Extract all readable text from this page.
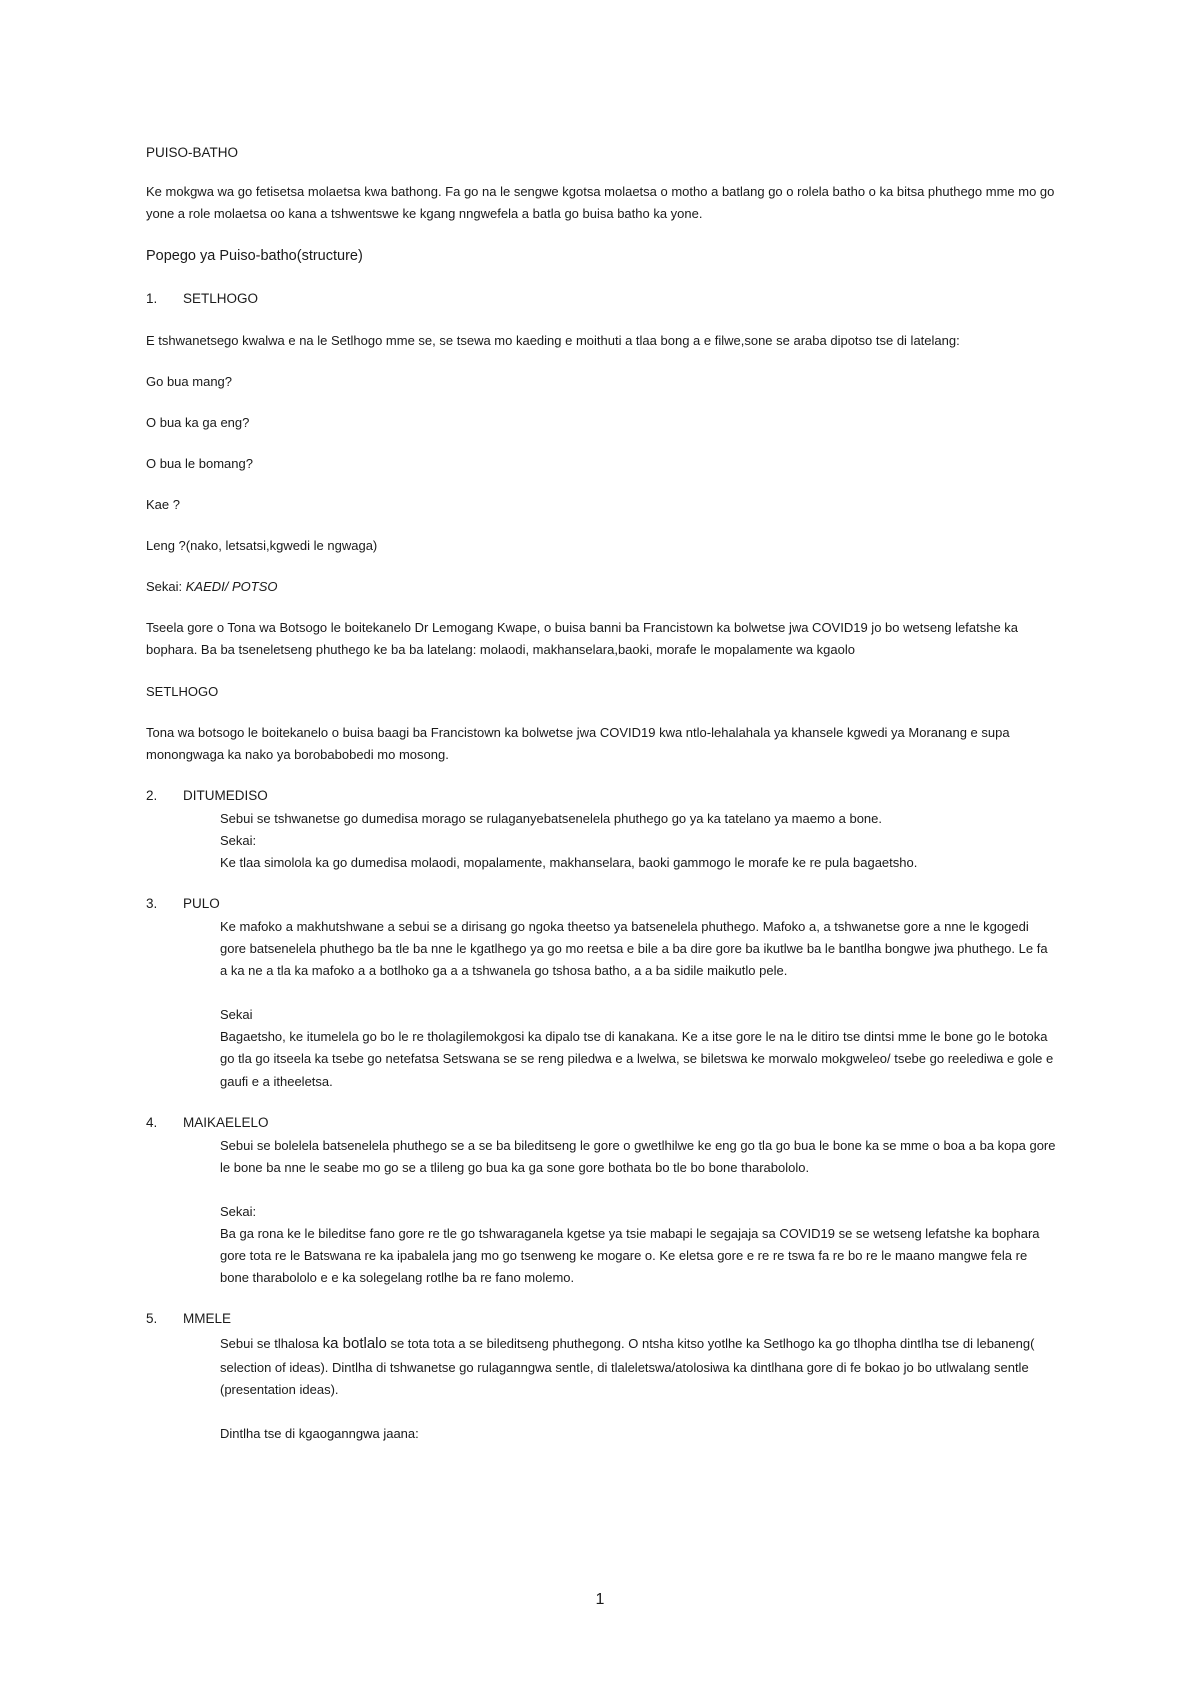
PUISO-BATHO

Ke mokgwa wa go fetisetsa molaetsa kwa bathong. Fa go na le sengwe kgotsa molaetsa o motho a batlang go o rolela batho o ka bitsa phuthego mme mo go yone a role molaetsa oo kana a tshwentswe ke kgang nngwefela a batla go buisa batho ka yone.

Popego ya Puiso-batho(structure)
1.	SETLHOGO

E tshwanetsego kwalwa e na le Setlhogo mme se, se tsewa mo kaeding e moithuti a tlaa bong a e filwe,sone se araba dipotso tse di latelang:

Go bua mang?

O bua ka ga eng?

O bua le bomang?

Kae ?

Leng ?(nako, letsatsi,kgwedi le ngwaga)

Sekai: KAEDI/ POTSO

Tseela gore o Tona wa Botsogo le boitekanelo Dr Lemogang Kwape, o buisa banni ba Francistown ka bolwetse jwa COVID19 jo bo wetseng lefatshe ka bophara. Ba ba tseneletseng phuthego ke ba ba latelang: molaodi, makhanselara,baoki, morafe le mopalamente wa kgaolo

SETLHOGO

Tona wa botsogo le boitekanelo o buisa baagi ba Francistown ka bolwetse jwa COVID19 kwa ntlo-lehalahala ya khansele kgwedi ya Moranang e supa monongwaga ka nako ya borobabobedi mo mosong.

2.	DITUMEDISO

Sebui se tshwanetse go dumedisa morago se rulaganyebatsenelela phuthego go ya ka tatelano ya maemo a bone.

Sekai:

Ke tlaa simolola ka go dumedisa molaodi, mopalamente, makhanselara, baoki gammogo le morafe ke re pula bagaetsho.

3.	PULO

Ke mafoko a makhutshwane a sebui se a dirisang go ngoka theetso ya batsenelela phuthego. Mafoko a, a tshwanetse gore a nne le kgogedi gore batsenelela phuthego ba tle ba nne le kgatlhego ya go mo reetsa e bile a ba dire gore ba ikutlwe ba le bantlha bongwe jwa phuthego. Le fa a ka ne a tla ka mafoko a a botlhoko ga a a tshwanela go tshosa batho, a a ba sidile maikutlo pele.

Sekai

Bagaetsho, ke itumelela go bo le re tholagilemokgosi ka dipalo tse di kanakana. Ke a itse gore le na le ditiro tse dintsi mme le bone go le botoka go tla go itseela ka tsebe go netefatsa Setswana se se reng piledwa e a lwelwa, se biletswa ke morwalo mokgweleo/ tsebe go reelediwa e gole e gaufi e a itheeletsa.

4.	MAIKAELELO

Sebui se bolelela batsenelela phuthego se a se ba bileditseng le gore o gwetlhilwe ke eng go tla go bua le bone ka se mme o boa a ba kopa gore le bone ba nne le seabe mo go se a tlileng go bua ka ga sone gore bothata bo tle bo bone tharabololo.

Sekai:

Ba ga rona ke le bileditse fano gore re tle go tshwaraganela kgetse ya tsie mabapi le segajaja sa COVID19 se se wetseng lefatshe ka bophara gore tota re le Batswana re ka ipabalela jang mo go tsenweng ke mogare o. Ke eletsa gore e re re tswa fa re bo re le maano mangwe fela re bone tharabololo e e ka solegelang rotlhe ba re fano molemo.

5.	MMELE

Sebui se tlhalosa ka botlalo se tota tota a se bileditseng phuthegong. O ntsha kitso yotlhe ka Setlhogo ka go tlhopha dintlha tse di lebaneng( selection of ideas). Dintlha di tshwanetse go rulaganngwa sentle, di tlaleletswa/atolosiwa ka dintlhana gore di fe bokao jo bo utlwalang sentle (presentation ideas).

Dintlha tse di kgaoganngwa jaana:

1
